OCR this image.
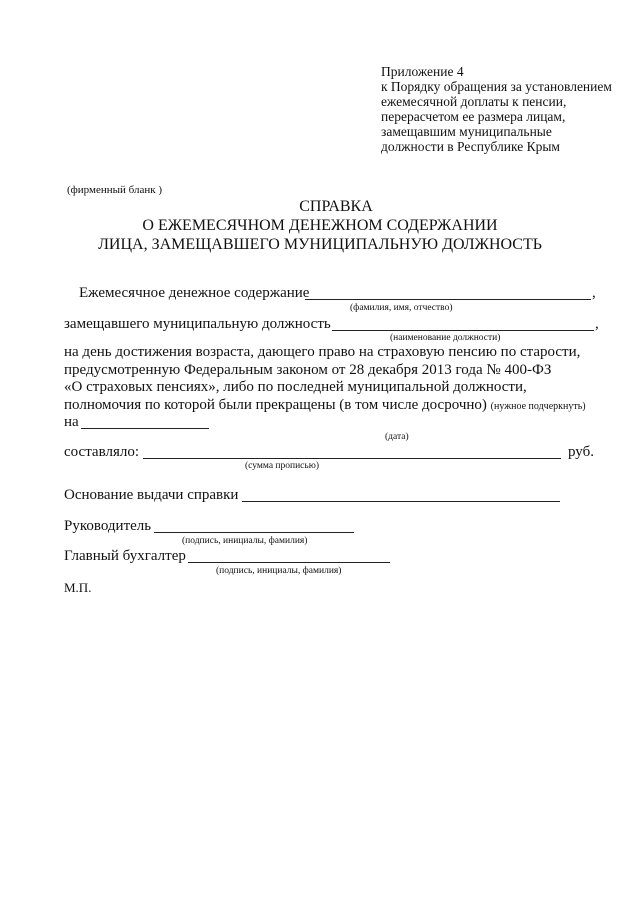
Приложение 4
к Порядку обращения за установлением
ежемесячной доплаты к пенсии,
перерасчетом ее размера лицам,
замещавшим муниципальные
должности в Республике Крым
(фирменный бланк )
СПРАВКА
О ЕЖЕМЕСЯЧНОМ ДЕНЕЖНОМ СОДЕРЖАНИИ
ЛИЦА, ЗАМЕЩАВШЕГО МУНИЦИПАЛЬНУЮ ДОЛЖНОСТЬ
Ежемесячное денежное содержание	,
(фамилия, имя, отчество)
замещавшего муниципальную должность	,
(наименование должности)
на день достижения возраста, дающего право на страховую пенсию по старости,
предусмотренную Федеральным законом от 28 декабря 2013 года № 400-ФЗ
«О страховых пенсиях», либо по последней муниципальной должности,
полномочия по которой были прекращены (в том числе досрочно) (нужное подчеркнуть)
на
(дата)
составляло:	руб.
(сумма прописью)
Основание выдачи справки
Руководитель
(подпись, инициалы, фамилия)
Главный бухгалтер
(подпись, инициалы, фамилия)
М.П.
